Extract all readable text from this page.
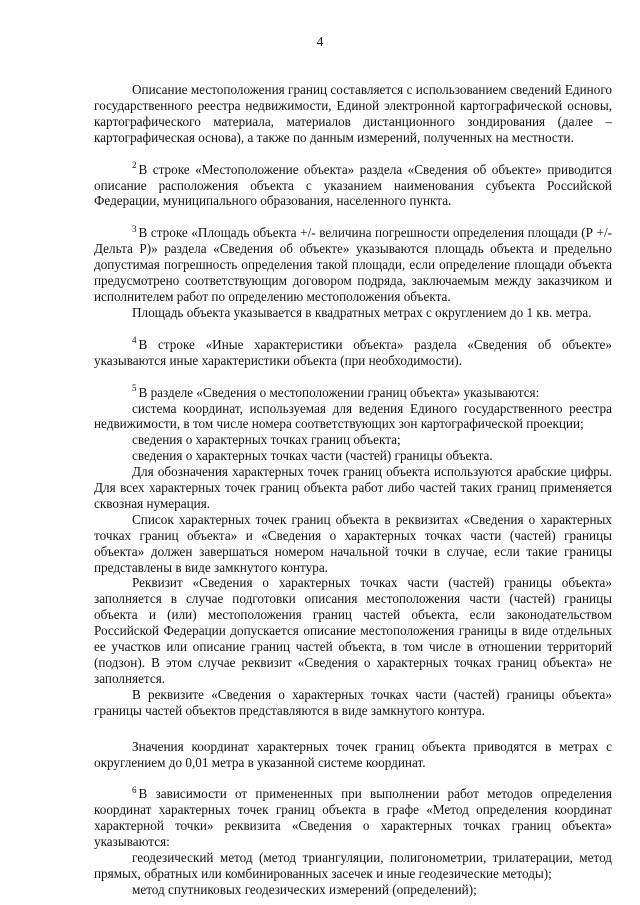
4

Описание местоположения границ составляется с использованием сведений Единого государственного реестра недвижимости, Единой электронной картографической основы, картографического материала, материалов дистанционного зондирования (далее – картографическая основа), а также по данным измерений, полученных на местности.

$^2$ В строке «Местоположение объекта» раздела «Сведения об объекте» приводится описание расположения объекта с указанием наименования субъекта Российской Федерации, муниципального образования, населенного пункта.

$^3$ В строке «Площадь объекта +/- величина погрешности определения площади (Р +/- Дельта Р)» раздела «Сведения об объекте» указываются площадь объекта и предельно допустимая погрешность определения такой площади, если определение площади объекта предусмотрено соответствующим договором подряда, заключаемым между заказчиком и исполнителем работ по определению местоположения объекта.

Площадь объекта указывается в квадратных метрах с округлением до 1 кв. метра.

$^4$ В строке «Иные характеристики объекта» раздела «Сведения об объекте» указываются иные характеристики объекта (при необходимости).

$^5$ В разделе «Сведения о местоположении границ объекта» указываются:

система координат, используемая для ведения Единого государственного реестра недвижимости, в том числе номера соответствующих зон картографической проекции;

сведения о характерных точках границ объекта;

сведения о характерных точках части (частей) границы объекта.

Для обозначения характерных точек границ объекта используются арабские цифры. Для всех характерных точек границ объекта работ либо частей таких границ применяется сквозная нумерация.

Список характерных точек границ объекта в реквизитах «Сведения о характерных точках границ объекта» и «Сведения о характерных точках части (частей) границы объекта» должен завершаться номером начальной точки в случае, если такие границы представлены в виде замкнутого контура.

Реквизит «Сведения о характерных точках части (частей) границы объекта» заполняется в случае подготовки описания местоположения части (частей) границы объекта и (или) местоположения границ частей объекта, если законодательством Российской Федерации допускается описание местоположения границы в виде отдельных ее участков или описание границ частей объекта, в том числе в отношении территорий (подзон). В этом случае реквизит «Сведения о характерных точках границ объекта» не заполняется.

В реквизите «Сведения о характерных точках части (частей) границы объекта» границы частей объектов представляются в виде замкнутого контура.

Значения координат характерных точек границ объекта приводятся в метрах с округлением до 0,01 метра в указанной системе координат.

$^6$ В зависимости от примененных при выполнении работ методов определения координат характерных точек границ объекта в графе «Метод определения координат характерной точки» реквизита «Сведения о характерных точках границ объекта» указываются:

геодезический метод (метод триангуляции, полигонометрии, трилатерации, метод прямых, обратных или комбинированных засечек и иные геодезические методы);

метод спутниковых геодезических измерений (определений);
